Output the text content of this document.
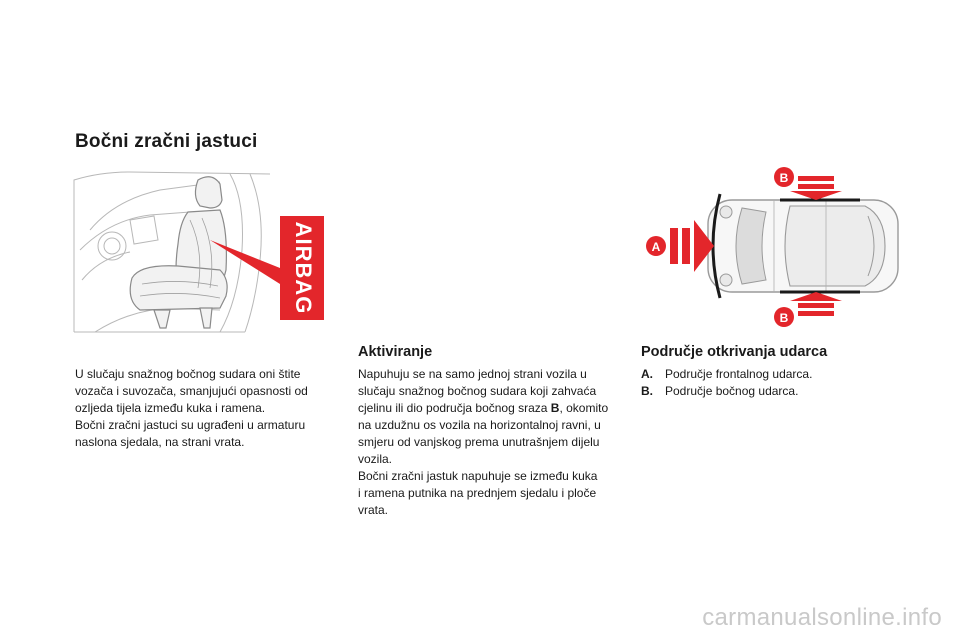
Bočni zračni jastuci
AIRBAG	A
B
B

U slučaju snažnog bočnog sudara oni štite

vozača i suvozača, smanjujući opasnosti od

ozljeda tijela između kuka i ramena.

Bočni zračni jastuci su ugrađeni u armaturu

naslona sjedala, na strani vrata.

Aktiviranje

Napuhuju se na samo jednoj strani vozila u

slučaju snažnog bočnog sudara koji zahvaća

cjelinu ili dio područja bočnog sraza B, okomito

na uzdužnu os vozila na horizontalnoj ravni, u

smjeru od vanjskog prema unutrašnjem dijelu

vozila.

Bočni zračni jastuk napuhuje se između kuka

i ramena putnika na prednjem sjedalu i ploče

vrata.

Područje otkrivanja udarca
A.	Područje frontalnog udarca.
B.	Područje bočnog udarca.
carmanualsonline.info
